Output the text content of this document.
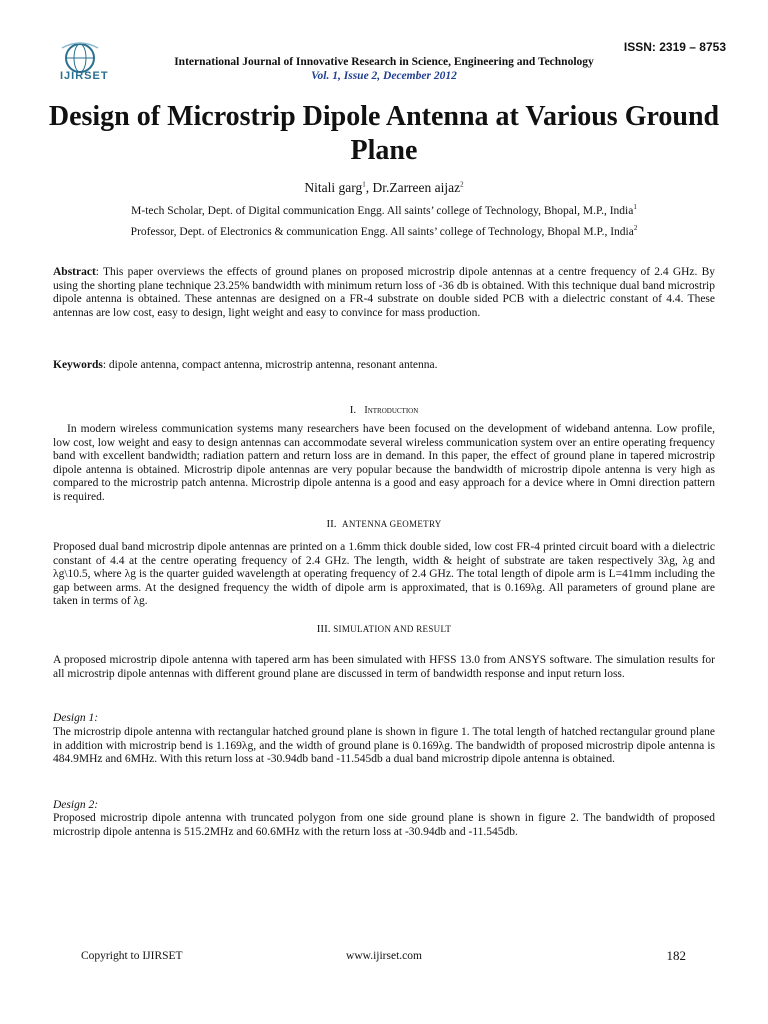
IJIRSET
ISSN: 2319 – 8753
International Journal of Innovative Research in Science, Engineering and Technology
Vol. 1, Issue 2, December 2012
Design of Microstrip Dipole Antenna at Various Ground Plane
Nitali garg$^1$, Dr.Zarreen aijaz$^2$
M-tech Scholar, Dept. of Digital communication Engg. All saints’ college of Technology, Bhopal, M.P., India$^1$
Professor, Dept. of Electronics & communication Engg. All saints’ college of Technology, Bhopal M.P., India$^2$
Abstract: This paper overviews the effects of ground planes on proposed microstrip dipole antennas at a centre frequency of 2.4 GHz. By using the shorting plane technique 23.25% bandwidth with minimum return loss of -36 db is obtained. With this technique dual band microstrip dipole antenna is obtained. These antennas are designed on a FR-4 substrate on double sided PCB with a dielectric constant of 4.4. These antennas are low cost, easy to design, light weight and easy to convince for mass production.
Keywords: dipole antenna, compact antenna, microstrip antenna, resonant antenna.
I. Introduction
In modern wireless communication systems many researchers have been focused on the development of wideband antenna. Low profile, low cost, low weight and easy to design antennas can accommodate several wireless communication system over an entire operating frequency band with excellent bandwidth; radiation pattern and return loss are in demand. In this paper, the effect of ground plane in tapered microstrip dipole antenna is obtained. Microstrip dipole antennas are very popular because the bandwidth of microstrip dipole antenna is very high as compared to the microstrip patch antenna. Microstrip dipole antenna is a good and easy approach for a device where in Omni direction pattern is required.
II. ANTENNA GEOMETRY
Proposed dual band microstrip dipole antennas are printed on a 1.6mm thick double sided, low cost FR-4 printed circuit board with a dielectric constant of 4.4 at the centre operating frequency of 2.4 GHz. The length, width & height of substrate are taken respectively 3λg, λg and λg\10.5, where λg is the quarter guided wavelength at operating frequency of 2.4 GHz. The total length of dipole arm is L=41mm including the gap between arms. At the designed frequency the width of dipole arm is approximated, that is 0.169λg. All parameters of ground plane are taken in terms of λg.
III. SIMULATION AND RESULT
A proposed microstrip dipole antenna with tapered arm has been simulated with HFSS 13.0 from ANSYS software. The simulation results for all microstrip dipole antennas with different ground plane are discussed in term of bandwidth response and input return loss.
Design 1:
The microstrip dipole antenna with rectangular hatched ground plane is shown in figure 1. The total length of hatched rectangular ground plane in addition with microstrip bend is 1.169λg, and the width of ground plane is 0.169λg. The bandwidth of proposed microstrip dipole antenna is 484.9MHz and 6MHz. With this return loss at -30.94db band -11.545db a dual band microstrip dipole antenna is obtained.
Design 2:
Proposed microstrip dipole antenna with truncated polygon from one side ground plane is shown in figure 2. The bandwidth of proposed microstrip dipole antenna is 515.2MHz and 60.6MHz with the return loss at -30.94db and -11.545db.
Copyright to IJIRSET	www.ijirset.com	182
